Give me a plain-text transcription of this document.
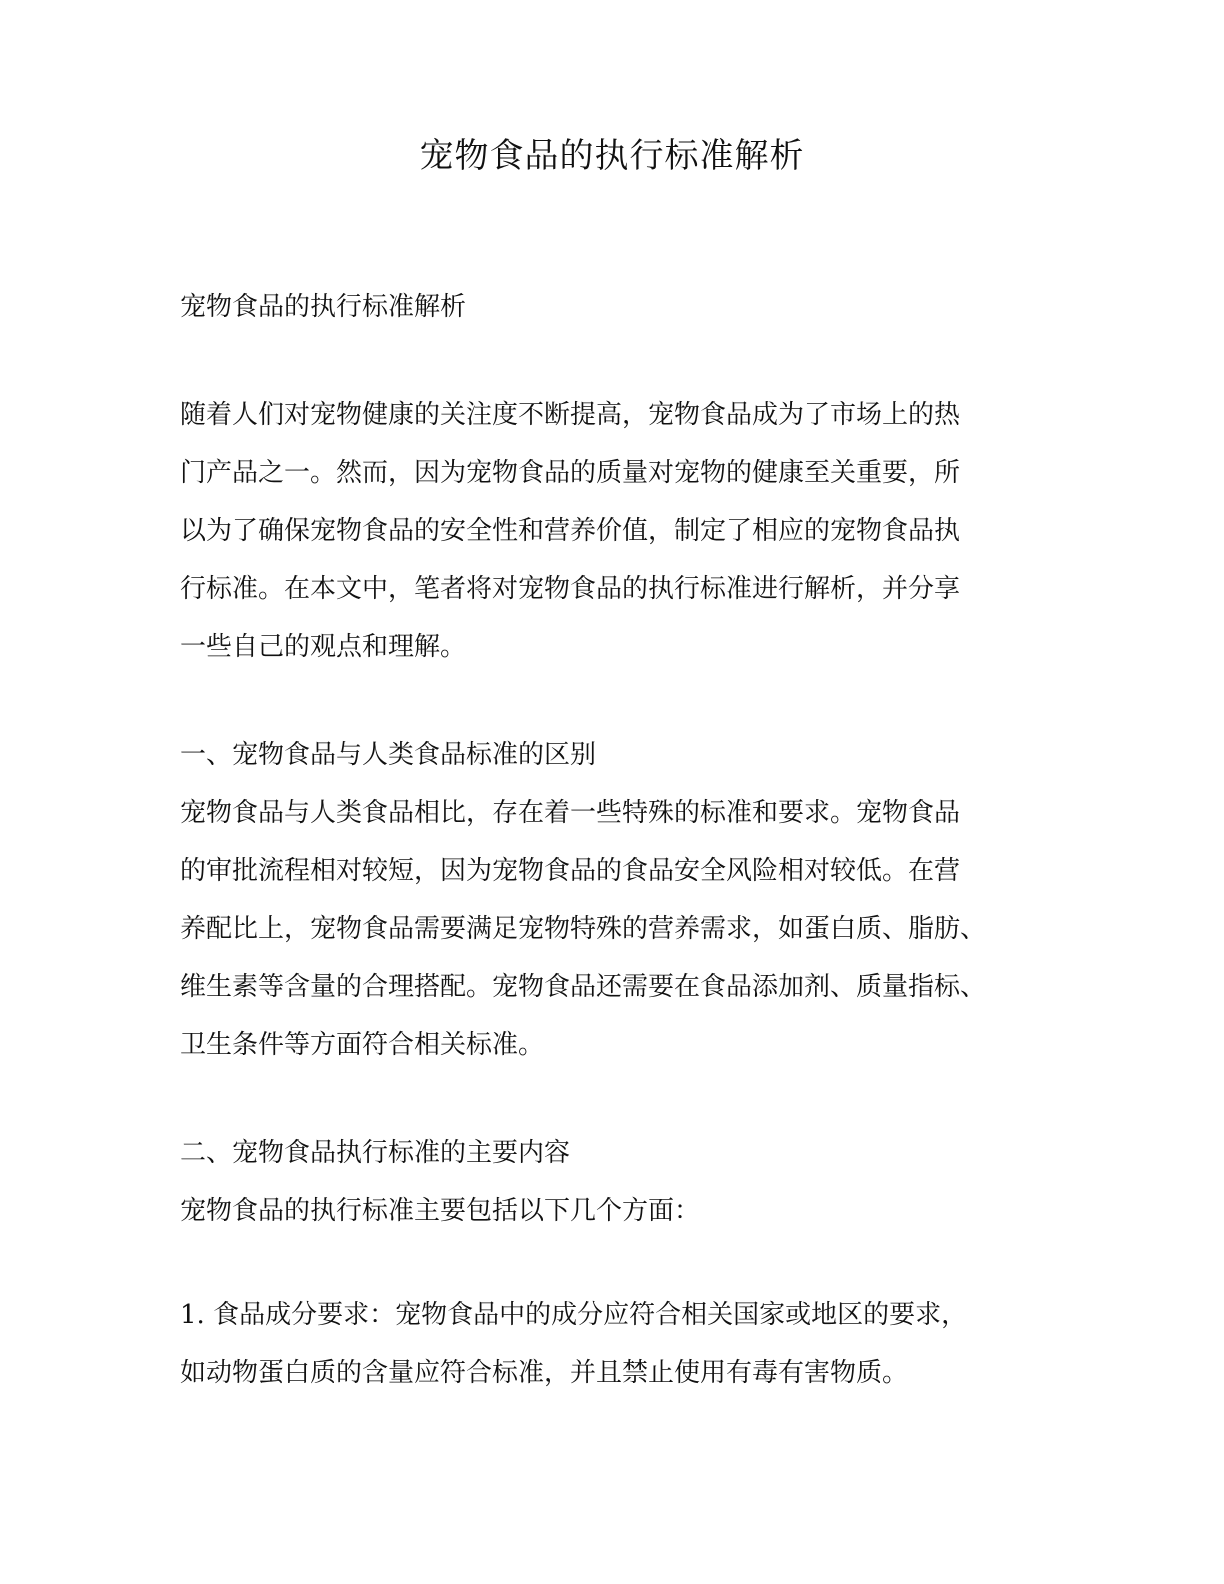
宠物食品的执行标准解析
宠物食品的执行标准解析
随着人们对宠物健康的关注度不断提高，宠物食品成为了市场上的热
门产品之一。然而，因为宠物食品的质量对宠物的健康至关重要，所
以为了确保宠物食品的安全性和营养价值，制定了相应的宠物食品执
行标准。在本文中，笔者将对宠物食品的执行标准进行解析，并分享
一些自己的观点和理解。
一、宠物食品与人类食品标准的区别
宠物食品与人类食品相比，存在着一些特殊的标准和要求。宠物食品
的审批流程相对较短，因为宠物食品的食品安全风险相对较低。在营
养配比上，宠物食品需要满足宠物特殊的营养需求，如蛋白质、脂肪、
维生素等含量的合理搭配。宠物食品还需要在食品添加剂、质量指标、
卫生条件等方面符合相关标准。
二、宠物食品执行标准的主要内容
宠物食品的执行标准主要包括以下几个方面：
1. 食品成分要求：宠物食品中的成分应符合相关国家或地区的要求，
如动物蛋白质的含量应符合标准，并且禁止使用有毒有害物质。
